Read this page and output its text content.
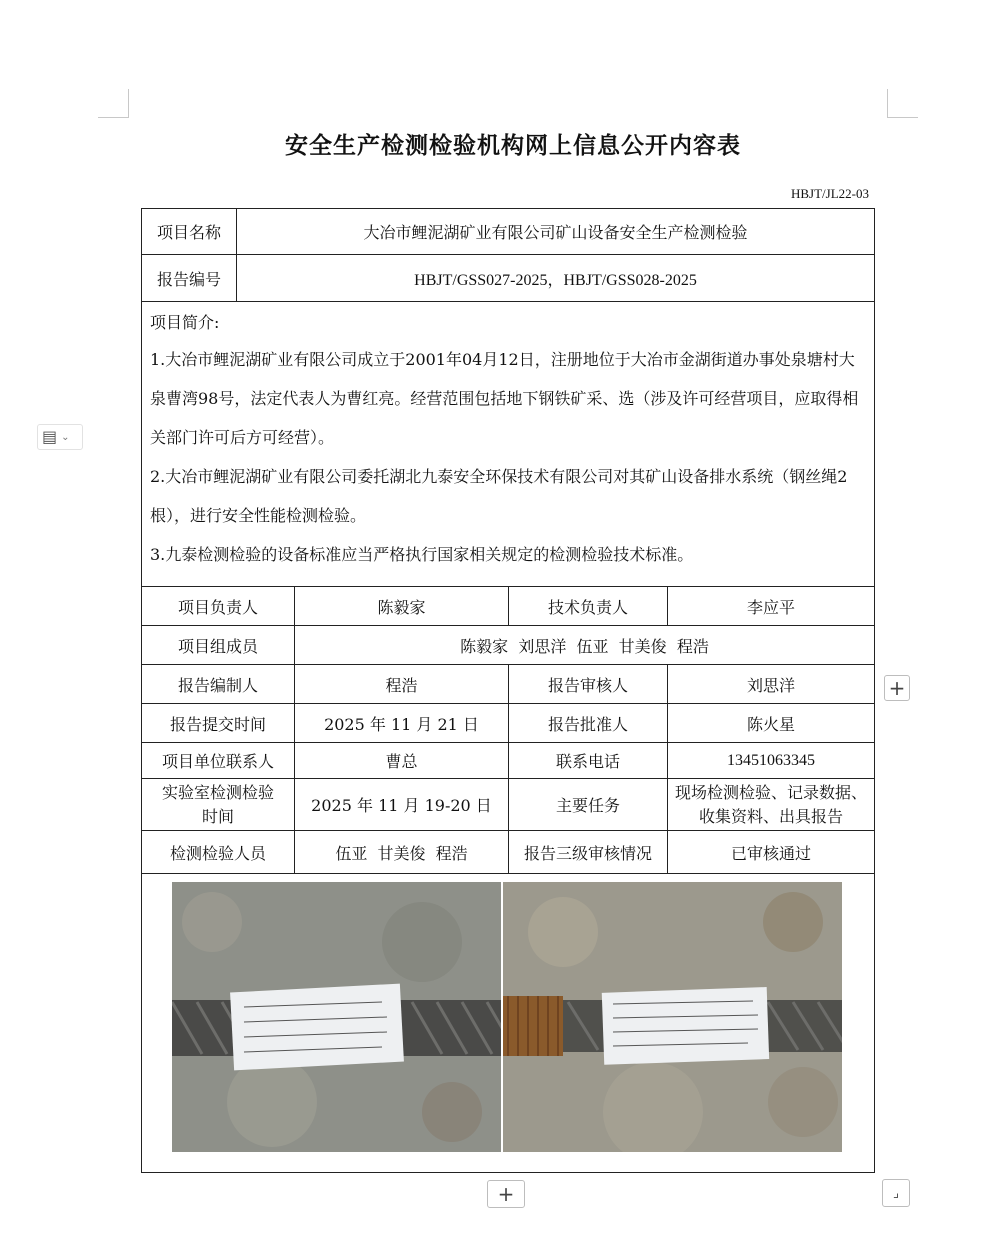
安全生产检测检验机构网上信息公开内容表
HBJT/JL22-03
▤ ⌄
项目名称	大冶市鲤泥湖矿业有限公司矿山设备安全生产检测检验			
报告编号	HBJT/GSS027-2025，HBJT/GSS028-2025			

项目简介:

1.大冶市鲤泥湖矿业有限公司成立于2001年04月12日，注册地位于大冶市金湖街道办事处泉塘村大泉曹湾98号，法定代表人为曹红亮。经营范围包括地下钢铁矿采、选（涉及许可经营项目，应取得相关部门许可后方可经营）。

2.大冶市鲤泥湖矿业有限公司委托湖北九泰安全环保技术有限公司对其矿山设备排水系统（钢丝绳2根），进行安全性能检测检验。

3.九泰检测检验的设备标准应当严格执行国家相关规定的检测检验技术标准。				

项目负责人		陈毅家	技术负责人	李应平
项目组成员		陈毅家  刘思洋  伍亚  甘美俊  程浩		
报告编制人		程浩	报告审核人	刘思洋
报告提交时间		2025 年 11 月 21 日	报告批准人	陈火星
项目单位联系人		曹总	联系电话	13451063345
实验室检测检验时间		2025 年 11 月 19-20 日	主要任务	现场检测检验、记录数据、收集资料、出具报告
检测检验人员		伍亚  甘美俊  程浩	报告三级审核情况	已审核通过

+
+	⌟
